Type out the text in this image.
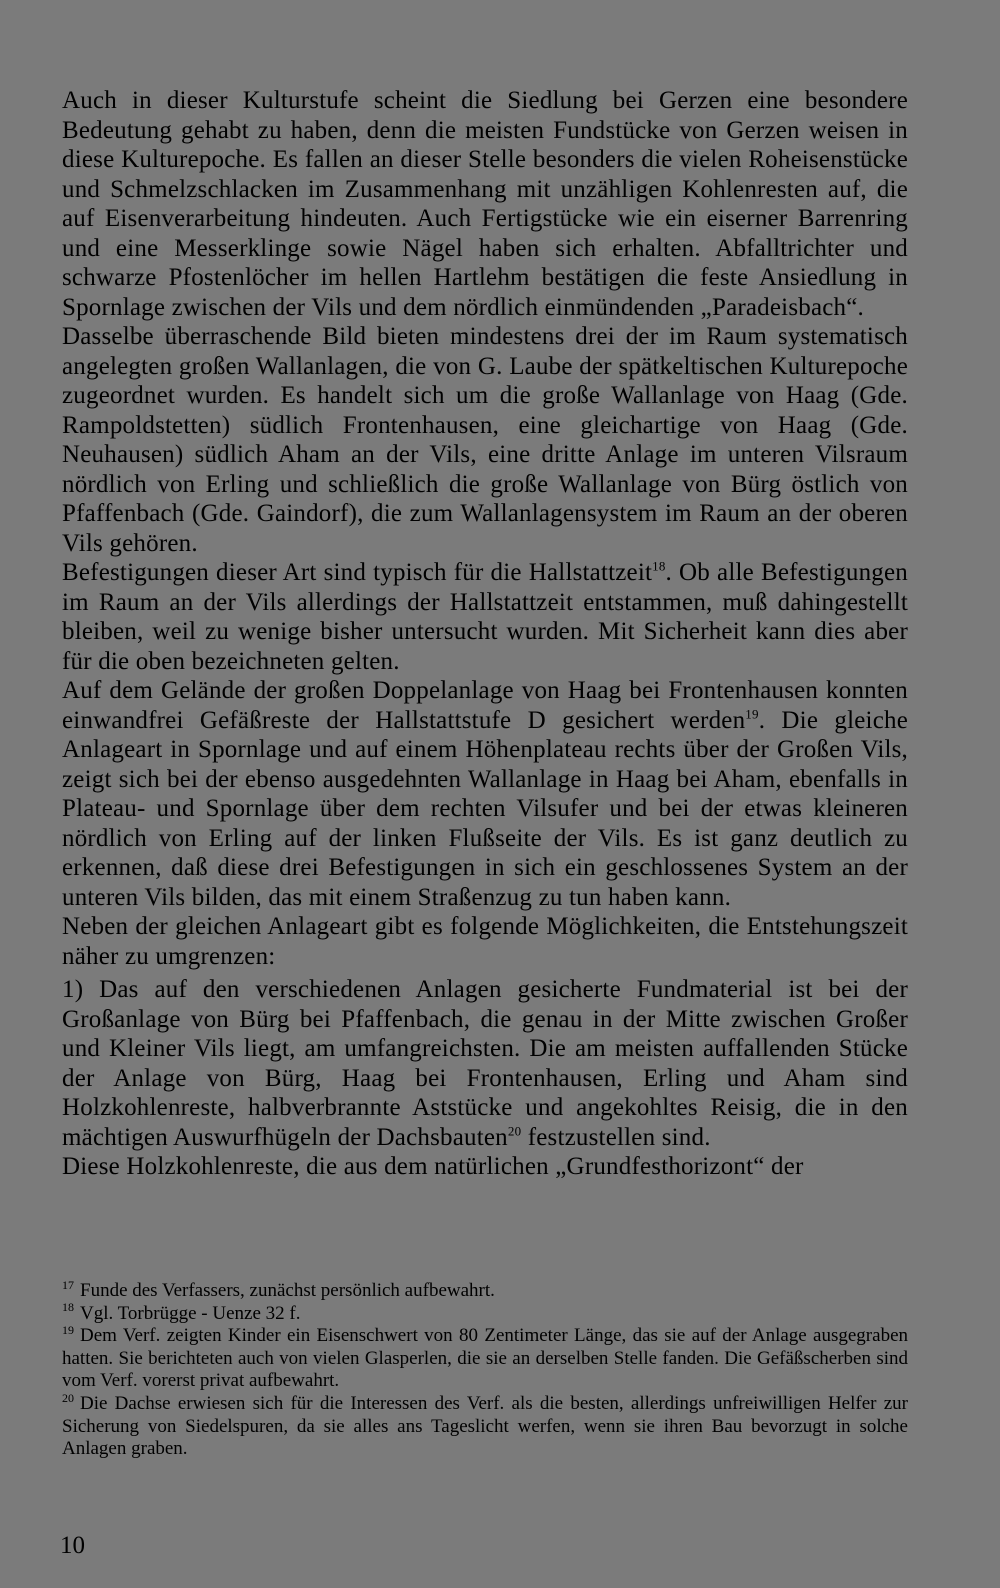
Auch in dieser Kulturstufe scheint die Siedlung bei Gerzen eine besondere Bedeutung gehabt zu haben, denn die meisten Fundstücke von Gerzen weisen in diese Kulturepoche. Es fallen an dieser Stelle besonders die vielen Roheisenstücke und Schmelzschlacken im Zusammenhang mit unzähligen Kohlenresten auf, die auf Eisenverarbeitung hindeuten. Auch Fertigstücke wie ein eiserner Barrenring und eine Messerklinge sowie Nägel haben sich erhalten. Abfalltrichter und schwarze Pfostenlöcher im hellen Hartlehm bestätigen die feste Ansiedlung in Spornlage zwischen der Vils und dem nördlich einmündenden „Paradeisbach“.

Dasselbe überraschende Bild bieten mindestens drei der im Raum systematisch angelegten großen Wallanlagen, die von G. Laube der spätkeltischen Kulturepoche zugeordnet wurden. Es handelt sich um die große Wallanlage von Haag (Gde. Rampoldstetten) südlich Frontenhausen, eine gleichartige von Haag (Gde. Neuhausen) südlich Aham an der Vils, eine dritte Anlage im unteren Vilsraum nördlich von Erling und schließlich die große Wallanlage von Bürg östlich von Pfaffenbach (Gde. Gaindorf), die zum Wallanlagensystem im Raum an der oberen Vils gehören.

Befestigungen dieser Art sind typisch für die Hallstattzeit$^{18}$. Ob alle Befestigungen im Raum an der Vils allerdings der Hallstattzeit entstammen, muß dahingestellt bleiben, weil zu wenige bisher untersucht wurden. Mit Sicherheit kann dies aber für die oben bezeichneten gelten.

Auf dem Gelände der großen Doppelanlage von Haag bei Frontenhausen konnten einwandfrei Gefäßreste der Hallstattstufe D gesichert werden$^{19}$. Die gleiche Anlageart in Spornlage und auf einem Höhenplateau rechts über der Großen Vils, zeigt sich bei der ebenso ausgedehnten Wallanlage in Haag bei Aham, ebenfalls in Plateau- und Spornlage über dem rechten Vilsufer und bei der etwas kleineren nördlich von Erling auf der linken Flußseite der Vils. Es ist ganz deutlich zu erkennen, daß diese drei Befestigungen in sich ein geschlossenes System an der unteren Vils bilden, das mit einem Straßenzug zu tun haben kann.

Neben der gleichen Anlageart gibt es folgende Möglichkeiten, die Entstehungszeit näher zu umgrenzen:

1) Das auf den verschiedenen Anlagen gesicherte Fundmaterial ist bei der Großanlage von Bürg bei Pfaffenbach, die genau in der Mitte zwischen Großer und Kleiner Vils liegt, am umfangreichsten. Die am meisten auffallenden Stücke der Anlage von Bürg, Haag bei Frontenhausen, Erling und Aham sind Holzkohlenreste, halbverbrannte Aststücke und angekohltes Reisig, die in den mächtigen Auswurfhügeln der Dachsbauten$^{20}$ festzustellen sind.

Diese Holzkohlenreste, die aus dem natürlichen „Grundfesthorizont“ der

$^{17}$ Funde des Verfassers, zunächst persönlich aufbewahrt.

$^{18}$ Vgl. Torbrügge - Uenze 32 f.

$^{19}$ Dem Verf. zeigten Kinder ein Eisenschwert von 80 Zentimeter Länge, das sie auf der Anlage ausgegraben hatten. Sie berichteten auch von vielen Glasperlen, die sie an derselben Stelle fanden. Die Gefäßscherben sind vom Verf. vorerst privat aufbewahrt.

$^{20}$ Die Dachse erwiesen sich für die Interessen des Verf. als die besten, allerdings unfreiwilligen Helfer zur Sicherung von Siedelspuren, da sie alles ans Tageslicht werfen, wenn sie ihren Bau bevorzugt in solche Anlagen graben.

10
